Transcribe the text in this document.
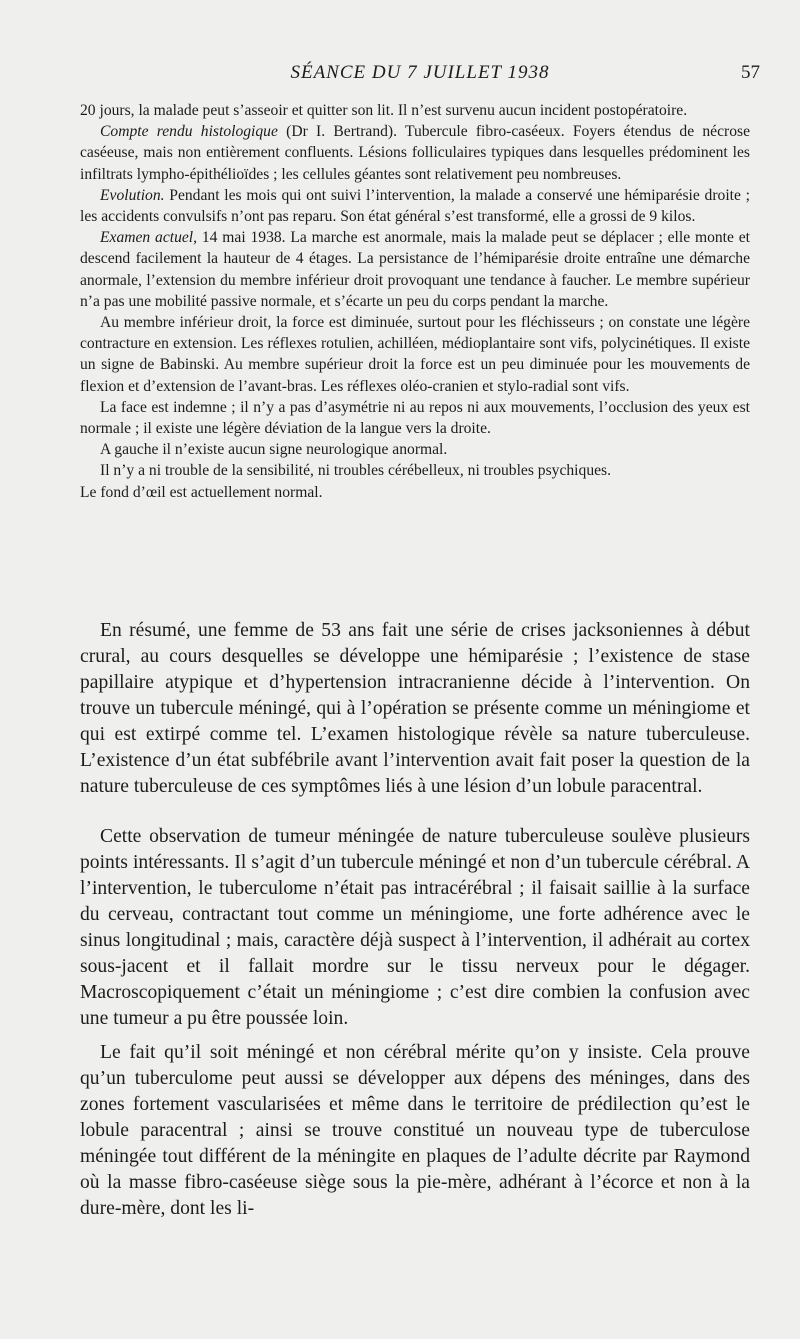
SÉANCE DU 7 JUILLET 1938	57

20 jours, la malade peut s’asseoir et quitter son lit. Il n’est survenu aucun incident postopératoire.

Compte rendu histologique (Dr I. Bertrand). Tubercule fibro-caséeux. Foyers étendus de nécrose caséeuse, mais non entièrement confluents. Lésions folliculaires typiques dans lesquelles prédominent les infiltrats lympho-épithélioïdes ; les cellules géantes sont relativement peu nombreuses.

Evolution. Pendant les mois qui ont suivi l’intervention, la malade a conservé une hémiparésie droite ; les accidents convulsifs n’ont pas reparu. Son état général s’est transformé, elle a grossi de 9 kilos.

Examen actuel, 14 mai 1938. La marche est anormale, mais la malade peut se déplacer ; elle monte et descend facilement la hauteur de 4 étages. La persistance de l’hémiparésie droite entraîne une démarche anormale, l’extension du membre inférieur droit provoquant une tendance à faucher. Le membre supérieur n’a pas une mobilité passive normale, et s’écarte un peu du corps pendant la marche.

Au membre inférieur droit, la force est diminuée, surtout pour les fléchisseurs ; on constate une légère contracture en extension. Les réflexes rotulien, achilléen, médioplantaire sont vifs, polycinétiques. Il existe un signe de Babinski. Au membre supérieur droit la force est un peu diminuée pour les mouvements de flexion et d’extension de l’avant-bras. Les réflexes oléo-cranien et stylo-radial sont vifs.

La face est indemne ; il n’y a pas d’asymétrie ni au repos ni aux mouvements, l’occlusion des yeux est normale ; il existe une légère déviation de la langue vers la droite.

A gauche il n’existe aucun signe neurologique anormal.

Il n’y a ni trouble de la sensibilité, ni troubles cérébelleux, ni troubles psychiques.

Le fond d’œil est actuellement normal.

En résumé, une femme de 53 ans fait une série de crises jacksoniennes à début crural, au cours desquelles se développe une hémiparésie ; l’existence de stase papillaire atypique et d’hypertension intracranienne décide à l’intervention. On trouve un tubercule méningé, qui à l’opération se présente comme un méningiome et qui est extirpé comme tel. L’examen histologique révèle sa nature tuberculeuse. L’existence d’un état subfébrile avant l’intervention avait fait poser la question de la nature tuberculeuse de ces symptômes liés à une lésion d’un lobule paracentral.

Cette observation de tumeur méningée de nature tuberculeuse soulève plusieurs points intéressants. Il s’agit d’un tubercule méningé et non d’un tubercule cérébral. A l’intervention, le tuberculome n’était pas intracérébral ; il faisait saillie à la surface du cerveau, contractant tout comme un méningiome, une forte adhérence avec le sinus longitudinal ; mais, caractère déjà suspect à l’intervention, il adhérait au cortex sous-jacent et il fallait mordre sur le tissu nerveux pour le dégager. Macroscopiquement c’était un méningiome ; c’est dire combien la confusion avec une tumeur a pu être poussée loin.

Le fait qu’il soit méningé et non cérébral mérite qu’on y insiste. Cela prouve qu’un tuberculome peut aussi se développer aux dépens des méninges, dans des zones fortement vascularisées et même dans le territoire de prédilection qu’est le lobule paracentral ; ainsi se trouve constitué un nouveau type de tuberculose méningée tout différent de la méningite en plaques de l’adulte décrite par Raymond où la masse fibro-caséeuse siège sous la pie-mère, adhérant à l’écorce et non à la dure-mère, dont les li-
